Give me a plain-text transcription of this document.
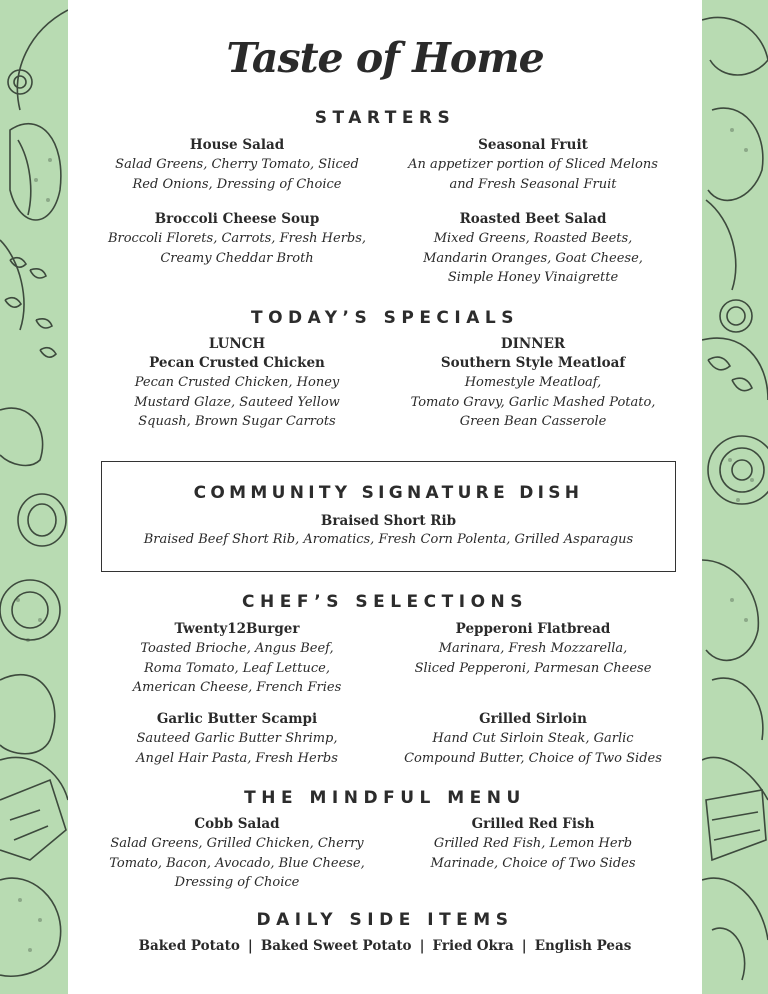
Taste of Home
STARTERS
House Salad
Salad Greens, Cherry Tomato, Sliced
Red Onions, Dressing of Choice
Seasonal Fruit
An appetizer portion of Sliced Melons
and Fresh Seasonal Fruit
Broccoli Cheese Soup
Broccoli Florets, Carrots, Fresh Herbs,
Creamy Cheddar Broth
Roasted Beet Salad
Mixed Greens, Roasted Beets,
Mandarin Oranges, Goat Cheese,
Simple Honey Vinaigrette
TODAY’S SPECIALS
LUNCH
Pecan Crusted Chicken
Pecan Crusted Chicken, Honey
Mustard Glaze, Sauteed Yellow
Squash, Brown Sugar Carrots
DINNER
Southern Style Meatloaf
Homestyle Meatloaf,
Tomato Gravy, Garlic Mashed Potato,
Green Bean Casserole
COMMUNITY SIGNATURE DISH
Braised Short Rib
Braised Beef Short Rib, Aromatics, Fresh Corn Polenta, Grilled Asparagus
CHEF’S SELECTIONS
Twenty12Burger
Toasted Brioche, Angus Beef,
Roma Tomato, Leaf Lettuce,
American Cheese, French Fries
Pepperoni Flatbread
Marinara, Fresh Mozzarella,
Sliced Pepperoni, Parmesan Cheese
Garlic Butter Scampi
Sauteed Garlic Butter Shrimp,
Angel Hair Pasta, Fresh Herbs
Grilled Sirloin
Hand Cut Sirloin Steak, Garlic
Compound Butter, Choice of Two Sides
THE MINDFUL MENU
Cobb Salad
Salad Greens, Grilled Chicken, Cherry
Tomato, Bacon, Avocado, Blue Cheese,
Dressing of Choice
Grilled Red Fish
Grilled Red Fish, Lemon Herb
Marinade, Choice of Two Sides
DAILY SIDE ITEMS
Baked Potato | Baked Sweet Potato | Fried Okra | English Peas
